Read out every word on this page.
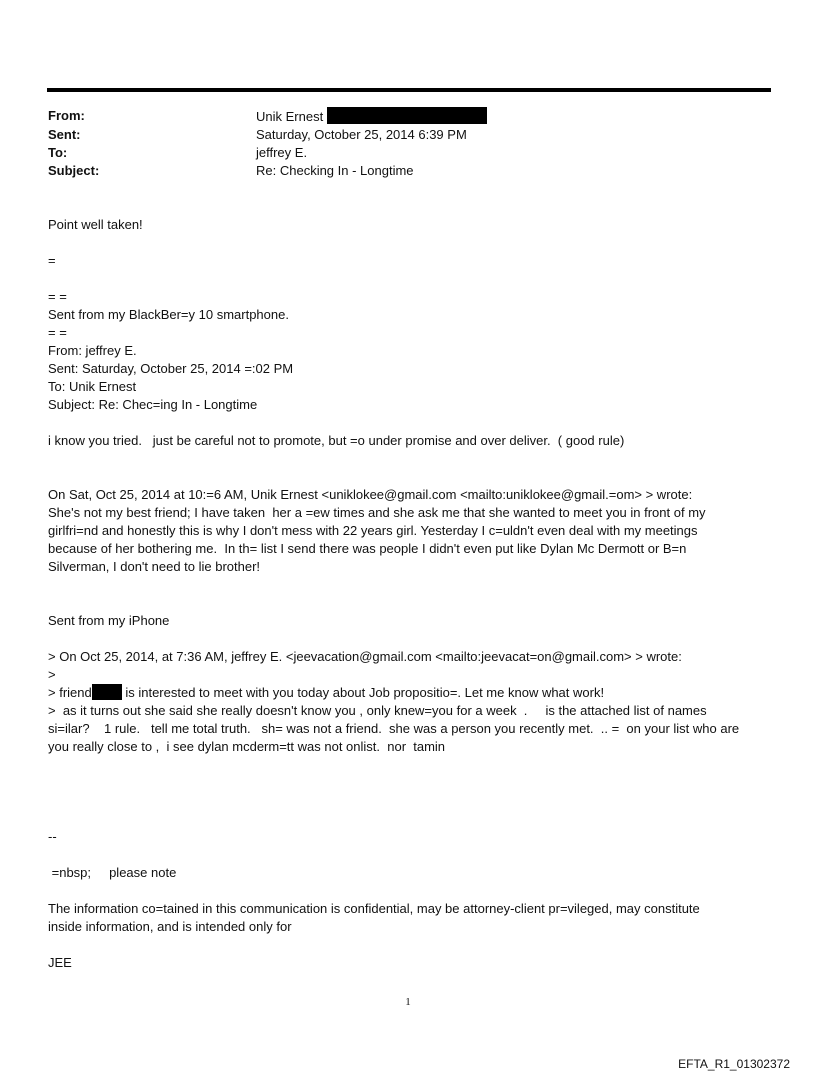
From:	Unik Ernest
Sent:	Saturday, October 25, 2014 6:39 PM
To:	jeffrey E.
Subject:	Re: Checking In - Longtime

Point well taken!

=

= =

Sent from my BlackBer=y 10 smartphone.

= =

From: jeffrey E.

Sent: Saturday, October 25, 2014 =:02 PM

To: Unik Ernest

Subject: Re: Chec=ing In - Longtime

i know you tried.   just be careful not to promote, but =o under promise and over deliver.  ( good rule)

On Sat, Oct 25, 2014 at 10:=6 AM, Unik Ernest <uniklokee@gmail.com <mailto:uniklokee@gmail.=om> > wrote:

She's not my best friend; I have taken  her a =ew times and she ask me that she wanted to meet you in front of my

girlfri=nd and honestly this is why I don't mess with 22 years girl. Yesterday I c=uldn't even deal with my meetings

because of her bothering me.  In th= list I send there was people I didn't even put like Dylan Mc Dermott or B=n

Silverman, I don't need to lie brother!

Sent from my iPhone

> On Oct 25, 2014, at 7:36 AM, jeffrey E. <jeevacation@gmail.com <mailto:jeevacat=on@gmail.com> > wrote:

>

> friend is interested to meet with you today about Job propositio=. Let me know what work!

>  as it turns out she said she really doesn't know you , only knew=you for a week  .     is the attached list of names

si=ilar?    1 rule.   tell me total truth.   sh= was not a friend.  she was a person you recently met.  .. =  on your list who are

you really close to ,  i see dylan mcderm=tt was not onlist.  nor  tamin

--

=nbsp;     please note

The information co=tained in this communication is confidential, may be attorney-client pr=vileged, may constitute

inside information, and is intended only for

JEE

1
EFTA_R1_01302372
